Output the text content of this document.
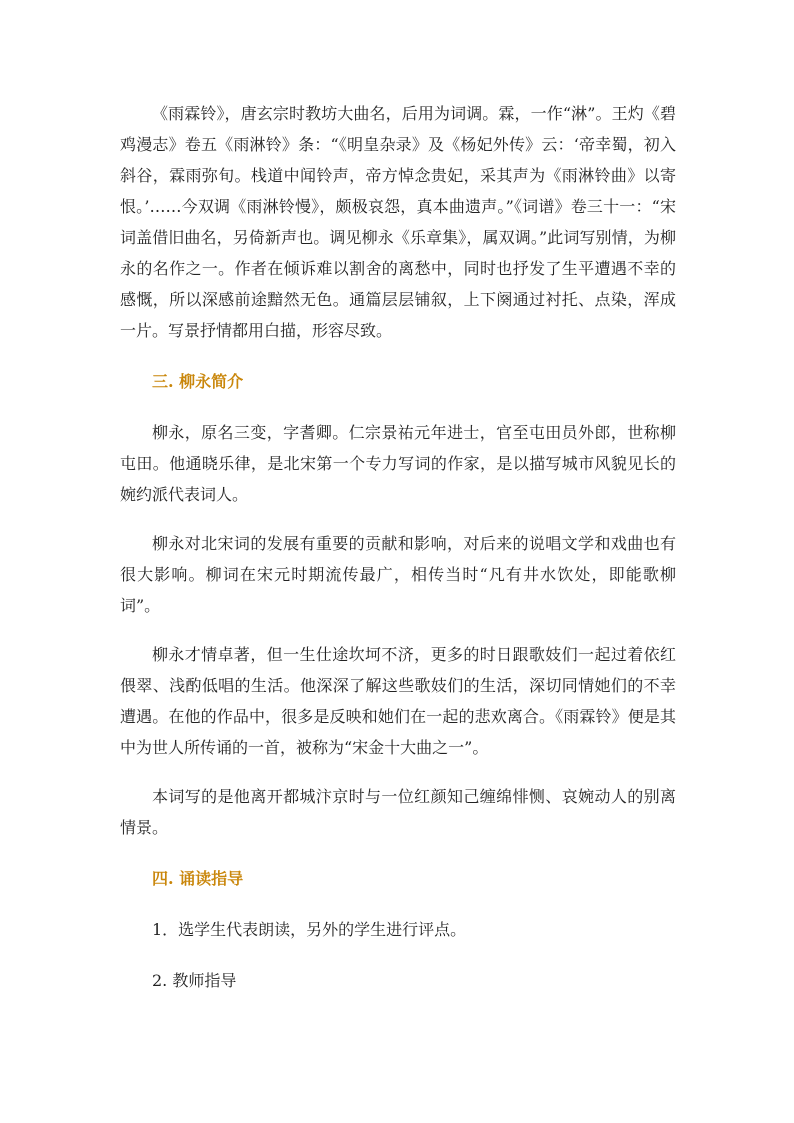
《雨霖铃》，唐玄宗时教坊大曲名，后用为词调。霖，一作“淋”。王灼《碧鸡漫志》卷五《雨淋铃》条：“《明皇杂录》及《杨妃外传》云：‘帝幸蜀，初入斜谷，霖雨弥旬。栈道中闻铃声，帝方悼念贵妃，采其声为《雨淋铃曲》以寄恨。’……今双调《雨淋铃慢》，颇极哀怨，真本曲遗声。”《词谱》卷三十一：“宋词盖借旧曲名，另倚新声也。调见柳永《乐章集》，属双调。”此词写别情，为柳永的名作之一。作者在倾诉难以割舍的离愁中，同时也抒发了生平遭遇不幸的感慨，所以深感前途黯然无色。通篇层层铺叙，上下阕通过衬托、点染，浑成一片。写景抒情都用白描，形容尽致。

三. 柳永简介

柳永，原名三变，字耆卿。仁宗景祐元年进士，官至屯田员外郎，世称柳屯田。他通晓乐律，是北宋第一个专力写词的作家，是以描写城市风貌见长的婉约派代表词人。

柳永对北宋词的发展有重要的贡献和影响，对后来的说唱文学和戏曲也有很大影响。柳词在宋元时期流传最广，相传当时“凡有井水饮处，即能歌柳词”。

柳永才情卓著，但一生仕途坎坷不济，更多的时日跟歌妓们一起过着依红偎翠、浅酌低唱的生活。他深深了解这些歌妓们的生活，深切同情她们的不幸遭遇。在他的作品中，很多是反映和她们在一起的悲欢离合。《雨霖铃》便是其中为世人所传诵的一首，被称为“宋金十大曲之一”。

本词写的是他离开都城汴京时与一位红颜知己缠绵悱恻、哀婉动人的别离情景。

四. 诵读指导

1．选学生代表朗读，另外的学生进行评点。

2. 教师指导
